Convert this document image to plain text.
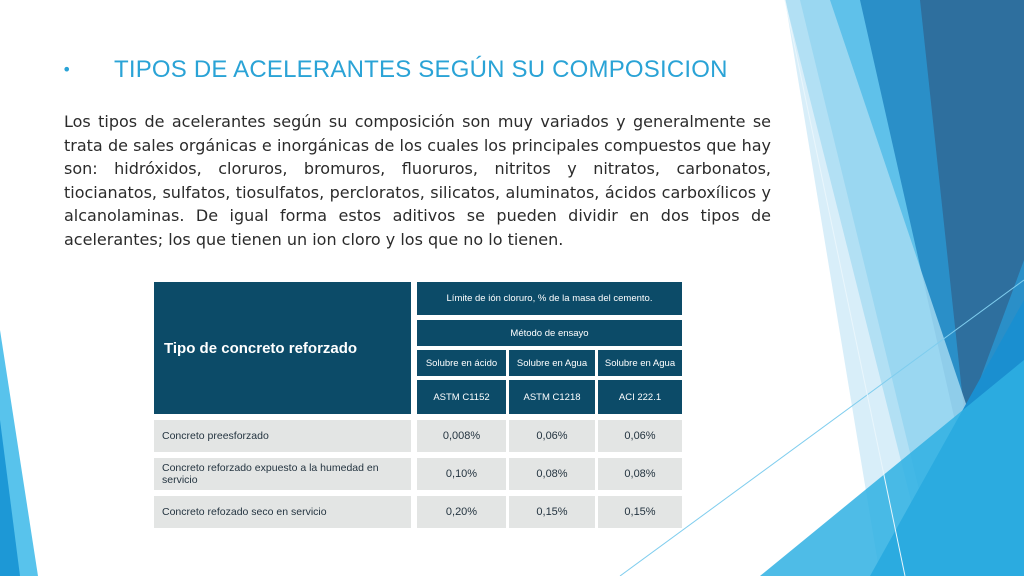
• TIPOS DE ACELERANTES SEGÚN SU COMPOSICION

Los tipos de acelerantes según su composición son muy variados y generalmente se trata de sales orgánicas e inorgánicas de los cuales los principales compuestos que hay son: hidróxidos, cloruros, bromuros, fluoruros, nitritos y nitratos, carbonatos, tiocianatos, sulfatos, tiosulfatos, percloratos, silicatos, aluminatos, ácidos carboxílicos y alcanolaminas. De igual forma estos aditivos se pueden dividir en dos tipos de acelerantes; los que tienen un ion cloro y los que no lo tienen.

Tipo de concreto reforzado
Límite de ión cloruro, % de la masa del cemento.
Método de ensayo
Solubre en ácido	Solubre en Agua	Solubre en Agua
ASTM C1152	ASTM C1218	ACI 222.1
Concreto preesforzado	0,008%	0,06%	0,06%
Concreto reforzado expuesto a la humedad en servicio	0,10%	0,08%	0,08%
Concreto refozado seco en servicio	0,20%	0,15%	0,15%
